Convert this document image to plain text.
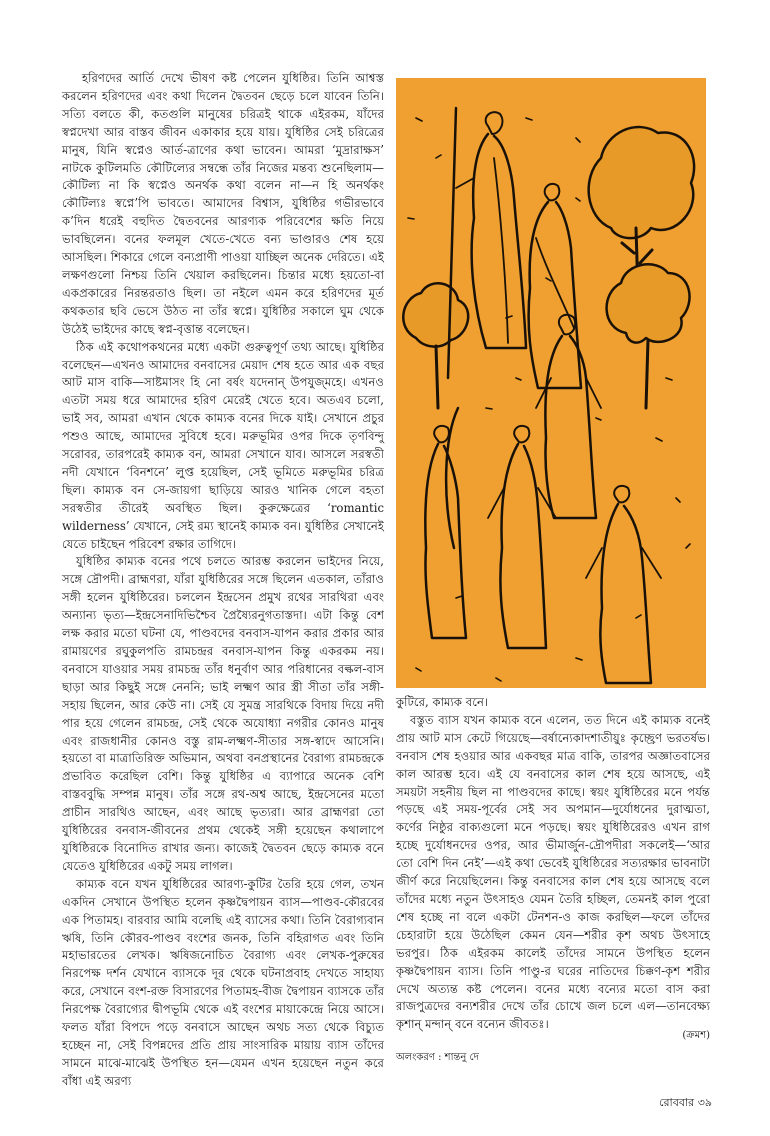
হরিণদের আর্তি দেখে ভীষণ কষ্ট পেলেন যুধিষ্ঠির। তিনি আশ্বস্ত করলেন হরিণদের এবং কথা দিলেন দ্বৈতবন ছেড়ে চলে যাবেন তিনি। সত্যি বলতে কী, কতগুলি মানুষের চরিত্রই থাকে এইরকম, যাঁদের স্বপ্নদেখা আর বাস্তব জীবন একাকার হয়ে যায়। যুধিষ্ঠির সেই চরিত্রের মানুষ, যিনি স্বপ্নেও আর্ত-ত্রাণের কথা ভাবেন। আমরা ‘মুদ্রারাক্ষস’ নাটকে কুটিলমতি কৌটিল্যের সম্বন্ধে তাঁর নিজের মন্তব্য শুনেছিলাম—কৌটিল্য না কি স্বপ্নেও অনর্থক কথা বলেন না—ন হি অনর্থকং কৌটিল্যঃ স্বপ্নে’পি ভাবতে। আমাদের বিশ্বাস, যুধিষ্ঠির গভীরভাবে ক’দিন ধরেই বহুদিত দ্বৈতবনের আরণ্যক পরিবেশের ক্ষতি নিয়ে ভাবছিলেন। বনের ফলমূল খেতে-খেতে বন্য ভাণ্ডারও শেষ হয়ে আসছিল। শিকারে গেলে বন্যপ্রাণী পাওয়া যাচ্ছিল অনেক দেরিতে। এই লক্ষণগুলো নিশ্চয় তিনি খেয়াল করছিলেন। চিন্তার মধ্যে হয়তো-বা একপ্রকারের নিরন্তরতাও ছিল। তা নইলে এমন করে হরিণদের মূর্ত কথকতার ছবি ভেসে উঠত না তাঁর স্বপ্নে। যুধিষ্ঠির সকালে ঘুম থেকে উঠেই ভাইদের কাছে স্বপ্ন-বৃত্তান্ত বলেছেন।

ঠিক এই কথোপকথনের মধ্যে একটা গুরুত্বপূর্ণ তথ্য আছে। যুধিষ্ঠির বলেছেন—এখনও আমাদের বনবাসের মেয়াদ শেষ হতে আর এক বছর আট মাস বাকি—সাষ্টমাসং হি নো বর্ষং যদেনান্ উপযুজ্মহে। এখনও এতটা সময় ধরে আমাদের হরিণ মেরেই খেতে হবে। অতএব চলো, ভাই সব, আমরা এখান থেকে কাম্যক বনের দিকে যাই। সেখানে প্রচুর পশুও আছে, আমাদের সুবিধে হবে। মরুভূমির ওপর দিকে তৃণবিন্দু সরোবর, তারপরেই কাম্যক বন, আমরা সেখানে যাব। আসলে সরস্বতী নদী যেখানে ‘বিনশনে’ লুপ্ত হয়েছিল, সেই ভূমিতে মরুভূমির চরিত্র ছিল। কাম্যক বন সে-জায়গা ছাড়িয়ে আরও খানিক গেলে বহতা সরস্বতীর তীরেই অবস্থিত ছিল। কুরুক্ষেত্রের ‘romantic wilderness’ যেখানে, সেই রম্য স্থানেই কাম্যক বন। যুধিষ্ঠির সেখানেই যেতে চাইছেন পরিবেশ রক্ষার তাগিদে।

যুধিষ্ঠির কাম্যক বনের পথে চলতে আরম্ভ করলেন ভাইদের নিয়ে, সঙ্গে দ্রৌপদী। ব্রাহ্মণরা, যাঁরা যুধিষ্ঠিরের সঙ্গে ছিলেন এতকাল, তাঁরাও সঙ্গী হলেন যুধিষ্ঠিরের। চললেন ইন্দ্রসেন প্রমুখ রথের সারথিরা এবং অন্যান্য ভৃত্য—ইন্দ্রসেনাদিভিশ্চৈব প্রৈষ্যৈরনুগতাস্তদা। এটা কিন্তু বেশ লক্ষ করার মতো ঘটনা যে, পাণ্ডবদের বনবাস-যাপন করার প্রকার আর রামায়ণের রঘুকুলপতি রামচন্দ্রর বনবাস-যাপন কিন্তু একরকম নয়। বনবাসে যাওয়ার সময় রামচন্দ্র তাঁর ধনুর্বাণ আর পরিধানের বল্কল-বাস ছাড়া আর কিছুই সঙ্গে নেননি; ভাই লক্ষ্মণ আর স্ত্রী সীতা তাঁর সঙ্গী-সহায় ছিলেন, আর কেউ না। সেই যে সুমন্ত্র সারথিকে বিদায় দিয়ে নদী পার হয়ে গেলেন রামচন্দ্র, সেই থেকে অযোধ্যা নগরীর কোনও মানুষ এবং রাজধানীর কোনও বস্তু রাম-লক্ষ্মণ-সীতার সঙ্গ-স্বাদে আসেনি। হয়তো বা মাত্রাতিরিক্ত অভিমান, অথবা বনপ্রস্থানের বৈরাগ্য রামচন্দ্রকে প্রভাবিত করেছিল বেশি। কিন্তু যুধিষ্ঠির এ ব্যাপারে অনেক বেশি বাস্তববুদ্ধি সম্পন্ন মানুষ। তাঁর সঙ্গে রথ-অশ্ব আছে, ইন্দ্রসেনের মতো প্রাচীন সারথিও আছেন, এবং আছে ভৃত্যরা। আর ব্রাহ্মণরা তো যুধিষ্ঠিরের বনবাস-জীবনের প্রথম থেকেই সঙ্গী হয়েছেন কথালাপে যুধিষ্ঠিরকে বিনোদিত রাখার জন্য। কাজেই দ্বৈতবন ছেড়ে কাম্যক বনে যেতেও যুধিষ্ঠিরের একটু সময় লাগল।

কাম্যক বনে যখন যুধিষ্ঠিরের আরণ্য-কুটির তৈরি হয়ে গেল, তখন একদিন সেখানে উপস্থিত হলেন কৃষ্ণদ্বৈপায়ন ব্যাস—পাণ্ডব-কৌরবের এক পিতামহ। বারবার আমি বলেছি এই ব্যাসের কথা। তিনি বৈরাগ্যবান ঋষি, তিনি কৌরব-পাণ্ডব বংশের জনক, তিনি বহিরাগত এবং তিনি মহাভারতের লেখক। ঋষিজনোচিত বৈরাগ্য এবং লেখক-পুরুষের নিরপেক্ষ দর্শন যেখানে ব্যাসকে দূর থেকে ঘটনাপ্রবাহ দেখতে সাহায্য করে, সেখানে বংশ-রক্ত বিসারণের পিতামহ-বীজ দ্বৈপায়ন ব্যাসকে তাঁর নিরপেক্ষ বৈরাগ্যের দ্বীপভূমি থেকে এই বংশের মায়াকেন্দ্রে নিয়ে আসে। ফলত যাঁরা বিপদে পড়ে বনবাসে আছেন অথচ সত্য থেকে বিচ্যুত হচ্ছেন না, সেই বিপন্নদের প্রতি প্রায় সাংসারিক মায়ায় ব্যাস তাঁদের সামনে মাঝে-মাঝেই উপস্থিত হন—যেমন এখন হয়েছেন নতুন করে বাঁধা এই অরণ্য

কুটিরে, কাম্যক বনে।

বস্তুত ব্যাস যখন কাম্যক বনে এলেন, তত দিনে এই কাম্যক বনেই প্রায় আট মাস কেটে গিয়েছে—বর্ষান্যেকাদশাতীয়ুঃ কৃচ্ছ্রেণ ভরতর্ষভ। বনবাস শেষ হওয়ার আর একবছর মাত্র বাকি, তারপর অজ্ঞাতবাসের কাল আরম্ভ হবে। এই যে বনবাসের কাল শেষ হয়ে আসছে, এই সময়টা সহনীয় ছিল না পাণ্ডবদের কাছে। স্বয়ং যুধিষ্ঠিরের মনে পর্যন্ত পড়ছে এই সময়-পূর্বের সেই সব অপমান—দুর্যোধনের দুরাত্মতা, কর্ণের নিষ্ঠুর বাক্যগুলো মনে পড়ছে। স্বয়ং যুধিষ্ঠিরেরও এখন রাগ হচ্ছে দুর্যোধনদের ওপর, আর ভীমার্জুন-দ্রৌপদীরা সকলেই—‘আর তো বেশি দিন নেই’—এই কথা ভেবেই যুধিষ্ঠিরের সত্যরক্ষার ভাবনাটা জীর্ণ করে নিয়েছিলেন। কিন্তু বনবাসের কাল শেষ হয়ে আসছে বলে তাঁদের মধ্যে নতুন উৎসাহও যেমন তৈরি হচ্ছিল, তেমনই কাল পুরো শেষ হচ্ছে না বলে একটা টেনশন-ও কাজ করছিল—ফলে তাঁদের চেহারাটা হয়ে উঠেছিল কেমন যেন—শরীর কৃশ অথচ উৎসাহে ভরপুর। ঠিক এইরকম কালেই তাঁদের সামনে উপস্থিত হলেন কৃষ্ণদ্বৈপায়ন ব্যাস। তিনি পাণ্ডু-র ঘরের নাতিদের চিক্কণ-কৃশ শরীর দেখে অত্যন্ত কষ্ট পেলেন। বনের মধ্যে বন্যের মতো বাস করা রাজপুত্রদের বন্যশরীর দেখে তাঁর চোখে জল চলে এল—তানবেক্ষ্য কৃশান্ মন্দান্ বনে বন্যেন জীবতঃ।

(ক্রমশ)
অলংকরণ : শান্তনু দে
রোববার ৩৯
